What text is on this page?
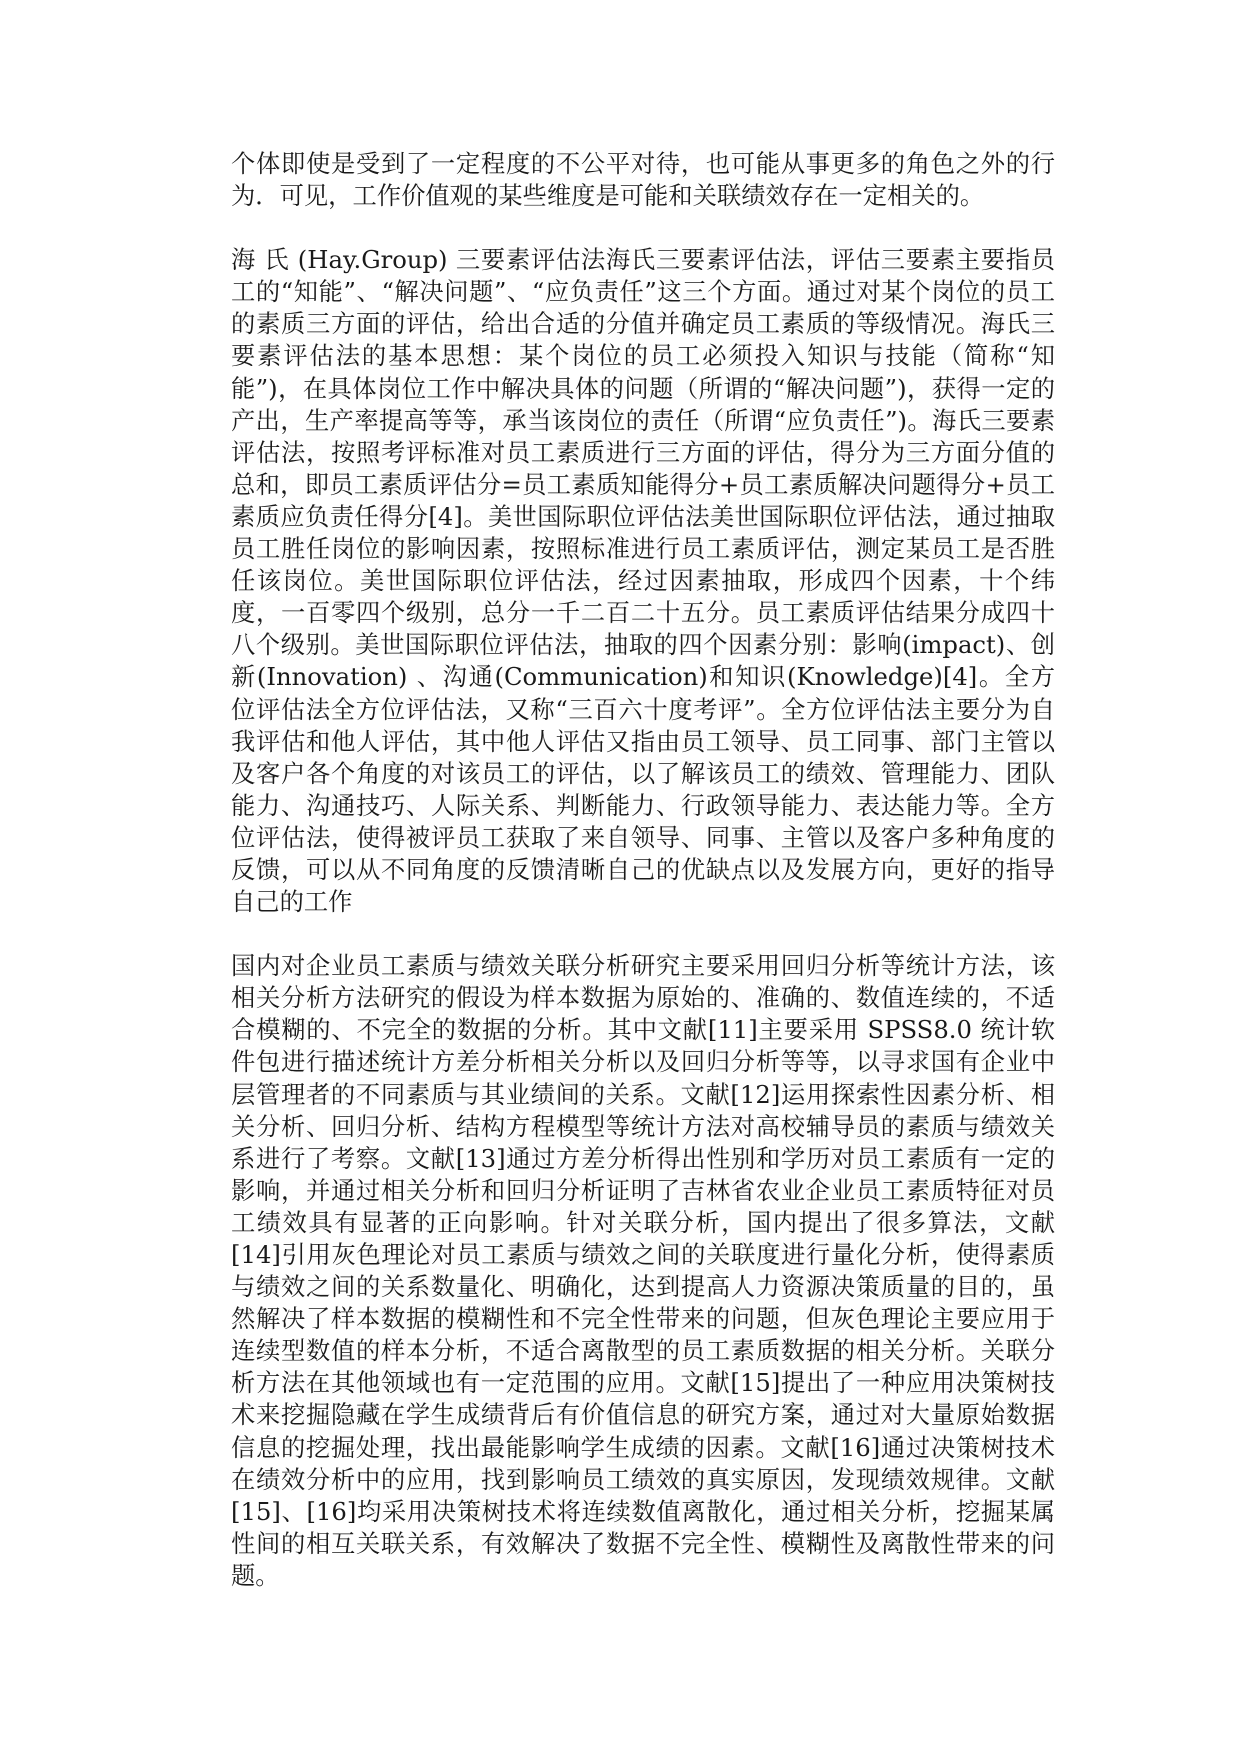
个体即使是受到了一定程度的不公平对待，也可能从事更多的角色之外的行为．可见，工作价值观的某些维度是可能和关联绩效存在一定相关的。

海 氏 (Hay.Group) 三要素评估法海氏三要素评估法，评估三要素主要指员工的“知能”、“解决问题”、“应负责任”这三个方面。通过对某个岗位的员工的素质三方面的评估，给出合适的分值并确定员工素质的等级情况。海氏三要素评估法的基本思想：某个岗位的员工必须投入知识与技能（简称“知能”)，在具体岗位工作中解决具体的问题（所谓的“解决问题”)，获得一定的产出，生产率提高等等，承当该岗位的责任（所谓“应负责任”)。海氏三要素评估法，按照考评标准对员工素质进行三方面的评估，得分为三方面分值的总和，即员工素质评估分=员工素质知能得分+员工素质解决问题得分+员工素质应负责任得分[4]。美世国际职位评估法美世国际职位评估法，通过抽取员工胜任岗位的影响因素，按照标准进行员工素质评估，测定某员工是否胜任该岗位。美世国际职位评估法，经过因素抽取，形成四个因素，十个纬度，一百零四个级别，总分一千二百二十五分。员工素质评估结果分成四十八个级别。美世国际职位评估法，抽取的四个因素分别：影响(impact)、创新(Innovation) 、沟通(Communication)和知识(Knowledge)[4]。全方位评估法全方位评估法，又称“三百六十度考评”。全方位评估法主要分为自我评估和他人评估，其中他人评估又指由员工领导、员工同事、部门主管以及客户各个角度的对该员工的评估，以了解该员工的绩效、管理能力、团队能力、沟通技巧、人际关系、判断能力、行政领导能力、表达能力等。全方位评估法，使得被评员工获取了来自领导、同事、主管以及客户多种角度的反馈，可以从不同角度的反馈清晰自己的优缺点以及发展方向，更好的指导自己的工作

国内对企业员工素质与绩效关联分析研究主要采用回归分析等统计方法，该相关分析方法研究的假设为样本数据为原始的、准确的、数值连续的，不适合模糊的、不完全的数据的分析。其中文献[11]主要采用 SPSS8.0 统计软件包进行描述统计方差分析相关分析以及回归分析等等，以寻求国有企业中层管理者的不同素质与其业绩间的关系。文献[12]运用探索性因素分析、相关分析、回归分析、结构方程模型等统计方法对高校辅导员的素质与绩效关系进行了考察。文献[13]通过方差分析得出性别和学历对员工素质有一定的影响，并通过相关分析和回归分析证明了吉林省农业企业员工素质特征对员工绩效具有显著的正向影响。针对关联分析，国内提出了很多算法，文献[14]引用灰色理论对员工素质与绩效之间的关联度进行量化分析，使得素质与绩效之间的关系数量化、明确化，达到提高人力资源决策质量的目的，虽然解决了样本数据的模糊性和不完全性带来的问题，但灰色理论主要应用于连续型数值的样本分析，不适合离散型的员工素质数据的相关分析。关联分析方法在其他领域也有一定范围的应用。文献[15]提出了一种应用决策树技术来挖掘隐藏在学生成绩背后有价值信息的研究方案，通过对大量原始数据信息的挖掘处理，找出最能影响学生成绩的因素。文献[16]通过决策树技术在绩效分析中的应用，找到影响员工绩效的真实原因，发现绩效规律。文献[15]、[16]均采用决策树技术将连续数值离散化，通过相关分析，挖掘某属性间的相互关联关系，有效解决了数据不完全性、模糊性及离散性带来的问题。
